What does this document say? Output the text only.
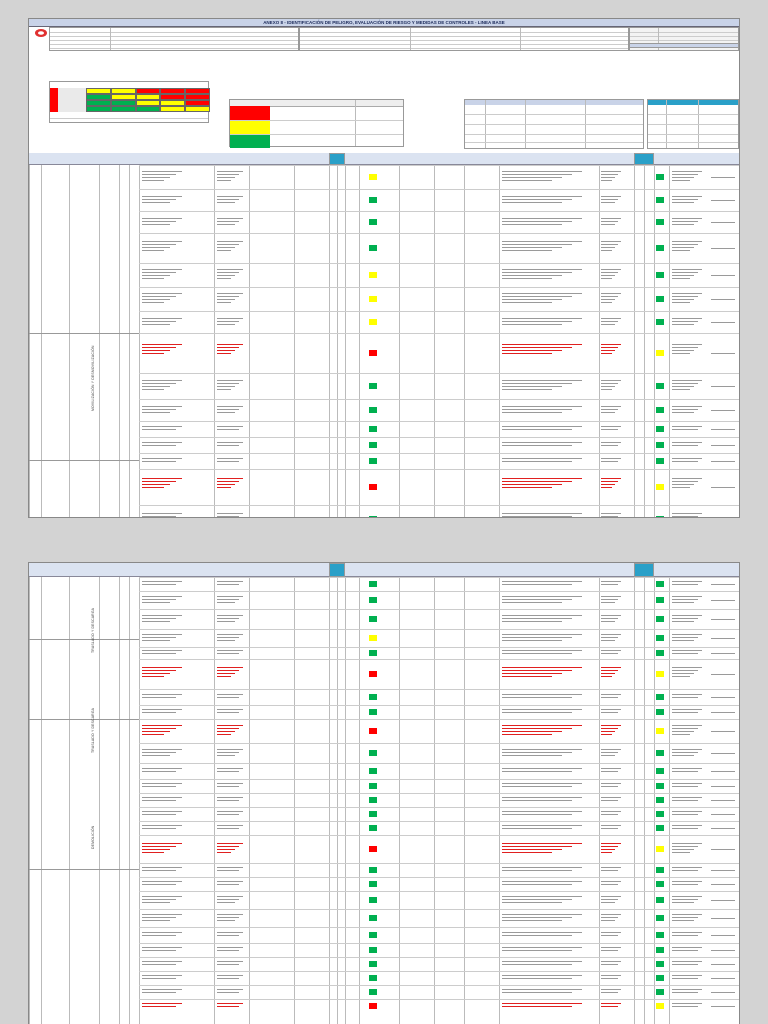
ANEXO 8 - IDENTIFICACIÓN DE PELIGRO, EVALUACIÓN DE RIESGO Y MEDIDAS DE CONTROLES - LINEA BASE
MOVILIZACIÓN Y DESMOVILIZACIÓN
TRASLADO Y DESCARGA
TRASLADO Y DESCARGA
DEMOLICIÓN
